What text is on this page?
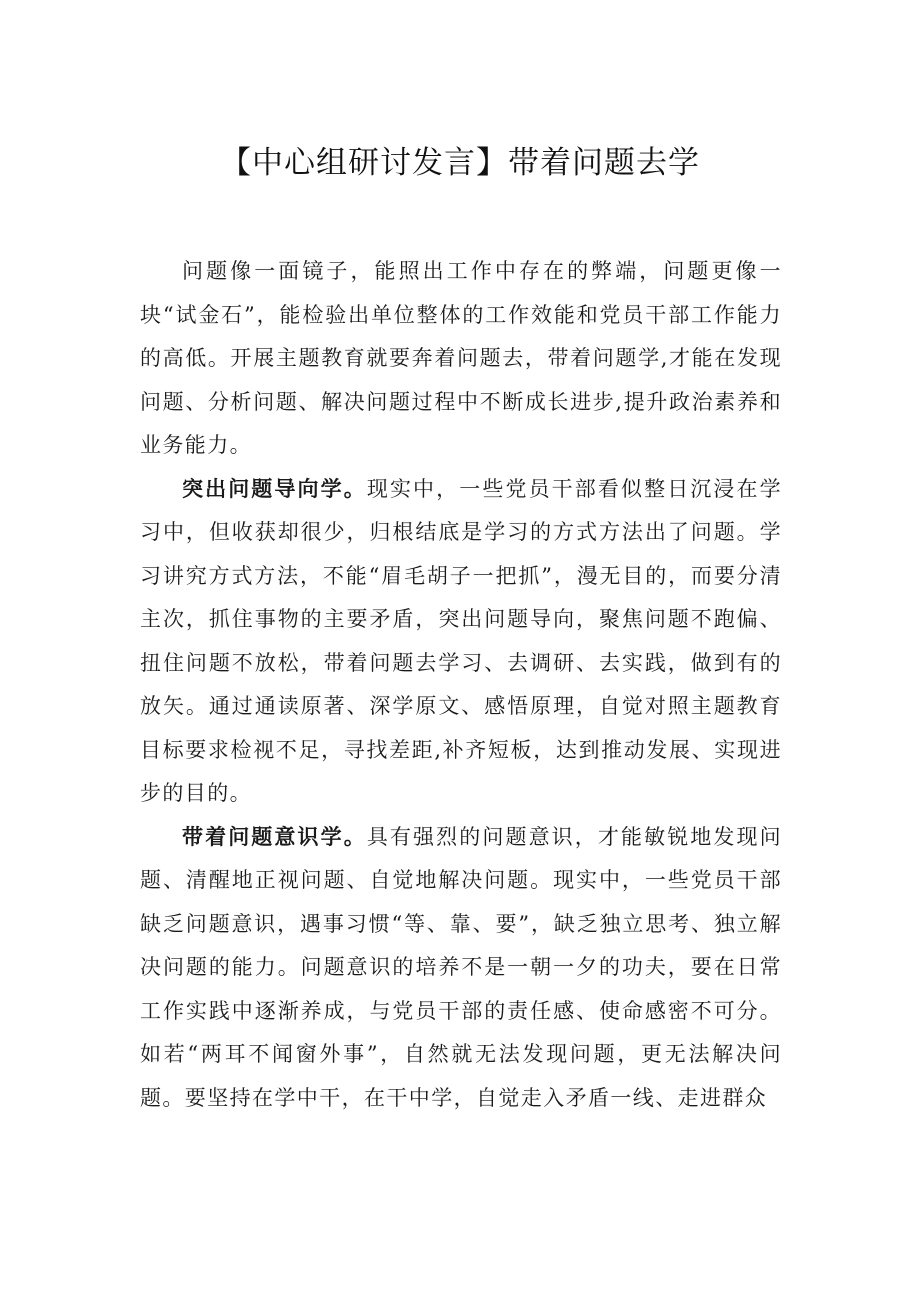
【中心组研讨发言】带着问题去学

问题像一面镜子，能照出工作中存在的弊端，问题更像一块“试金石”，能检验出单位整体的工作效能和党员干部工作能力的高低。开展主题教育就要奔着问题去，带着问题学,才能在发现问题、分析问题、解决问题过程中不断成长进步,提升政治素养和业务能力。

突出问题导向学。现实中，一些党员干部看似整日沉浸在学习中，但收获却很少，归根结底是学习的方式方法出了问题。学习讲究方式方法，不能“眉毛胡子一把抓”，漫无目的，而要分清主次，抓住事物的主要矛盾，突出问题导向，聚焦问题不跑偏、扭住问题不放松，带着问题去学习、去调研、去实践，做到有的放矢。通过通读原著、深学原文、感悟原理，自觉对照主题教育目标要求检视不足，寻找差距,补齐短板，达到推动发展、实现进步的目的。

带着问题意识学。具有强烈的问题意识，才能敏锐地发现问题、清醒地正视问题、自觉地解决问题。现实中，一些党员干部缺乏问题意识，遇事习惯“等、靠、要”，缺乏独立思考、独立解决问题的能力。问题意识的培养不是一朝一夕的功夫，要在日常工作实践中逐渐养成，与党员干部的责任感、使命感密不可分。如若“两耳不闻窗外事”，自然就无法发现问题，更无法解决问题。要坚持在学中干，在干中学，自觉走入矛盾一线、走进群众
